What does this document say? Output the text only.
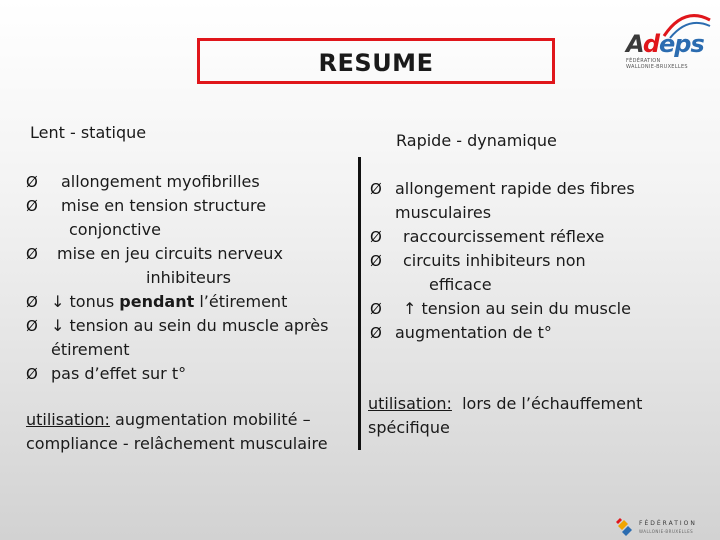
RESUME
Adeps
FÉDÉRATION
WALLONIE-BRUXELLES
Lent - statique	Rapide - dynamique
Ø	allongement myofibrilles
Ø	mise en tension structure
conjonctive
Ø	mise en jeu circuits nerveux
inhibiteurs
Ø ↓ tonus pendant l’étirement
Ø ↓ tension au sein du muscle après
étirement
Ø pas d’effet sur t°
Ø allongement rapide des fibres
musculaires
Ø	raccourcissement réflexe
Ø	circuits inhibiteurs non
efficace
Ø ↑ tension au sein du muscle
Ø augmentation de t°
utilisation: augmentation mobilité – compliance - relâchement musculaire
utilisation:  lors de l’échauffement spécifique
FÉDÉRATION
WALLONIE-BRUXELLES
